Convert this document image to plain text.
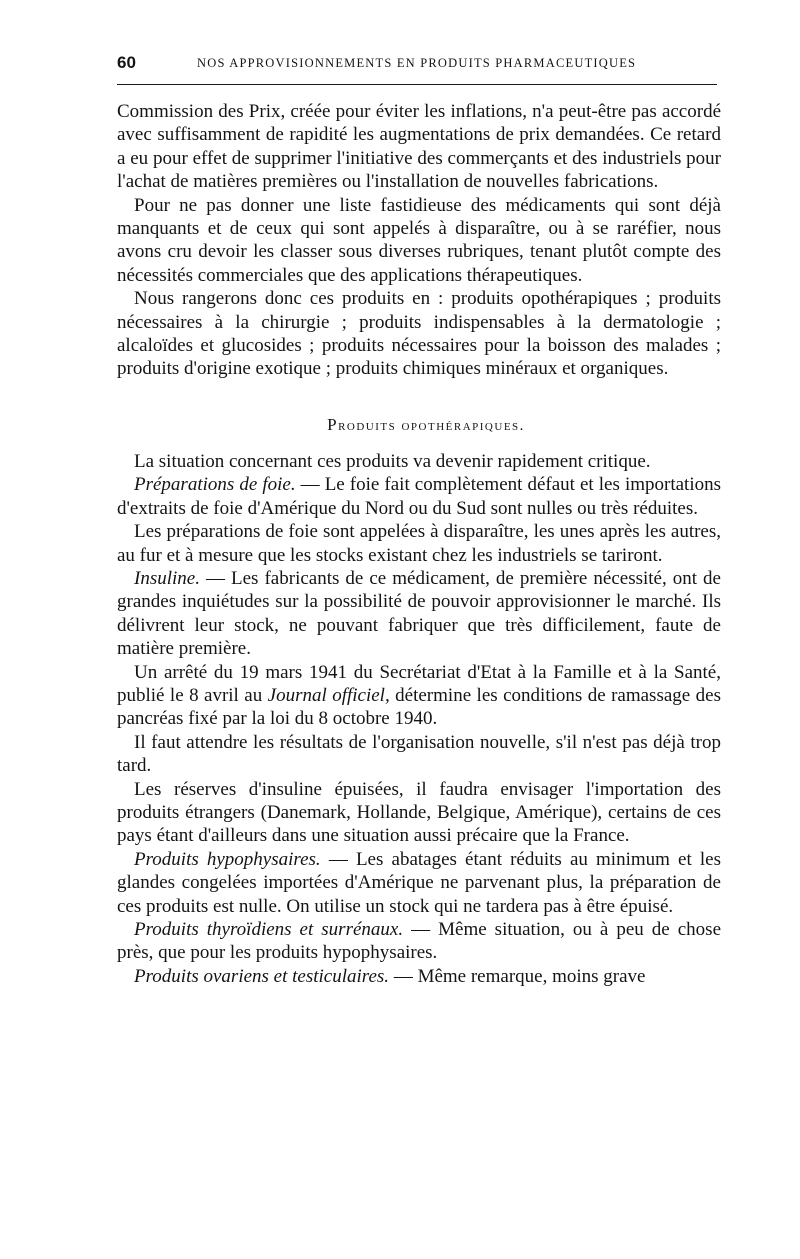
60	NOS APPROVISIONNEMENTS EN PRODUITS PHARMACEUTIQUES

Commission des Prix, créée pour éviter les inflations, n'a peut-être pas accordé avec suffisamment de rapidité les augmentations de prix demandées. Ce retard a eu pour effet de supprimer l'initiative des commerçants et des industriels pour l'achat de matières premières ou l'installation de nouvelles fabrications.

Pour ne pas donner une liste fastidieuse des médicaments qui sont déjà manquants et de ceux qui sont appelés à disparaître, ou à se raréfier, nous avons cru devoir les classer sous diverses rubriques, tenant plutôt compte des nécessités commerciales que des applications thérapeutiques.

Nous rangerons donc ces produits en : produits opothérapiques ; produits nécessaires à la chirurgie ; produits indispensables à la dermatologie ; alcaloïdes et glucosides ; produits nécessaires pour la boisson des malades ; produits d'origine exotique ; produits chimiques minéraux et organiques.

Produits opothérapiques.

La situation concernant ces produits va devenir rapidement critique.

Préparations de foie. — Le foie fait complètement défaut et les importations d'extraits de foie d'Amérique du Nord ou du Sud sont nulles ou très réduites.

Les préparations de foie sont appelées à disparaître, les unes après les autres, au fur et à mesure que les stocks existant chez les industriels se tariront.

Insuline. — Les fabricants de ce médicament, de première nécessité, ont de grandes inquiétudes sur la possibilité de pouvoir approvisionner le marché. Ils délivrent leur stock, ne pouvant fabriquer que très difficilement, faute de matière première.

Un arrêté du 19 mars 1941 du Secrétariat d'Etat à la Famille et à la Santé, publié le 8 avril au Journal officiel, détermine les conditions de ramassage des pancréas fixé par la loi du 8 octobre 1940.

Il faut attendre les résultats de l'organisation nouvelle, s'il n'est pas déjà trop tard.

Les réserves d'insuline épuisées, il faudra envisager l'importation des produits étrangers (Danemark, Hollande, Belgique, Amérique), certains de ces pays étant d'ailleurs dans une situation aussi précaire que la France.

Produits hypophysaires. — Les abatages étant réduits au minimum et les glandes congelées importées d'Amérique ne parvenant plus, la préparation de ces produits est nulle. On utilise un stock qui ne tardera pas à être épuisé.

Produits thyroïdiens et surrénaux. — Même situation, ou à peu de chose près, que pour les produits hypophysaires.

Produits ovariens et testiculaires. — Même remarque, moins grave
